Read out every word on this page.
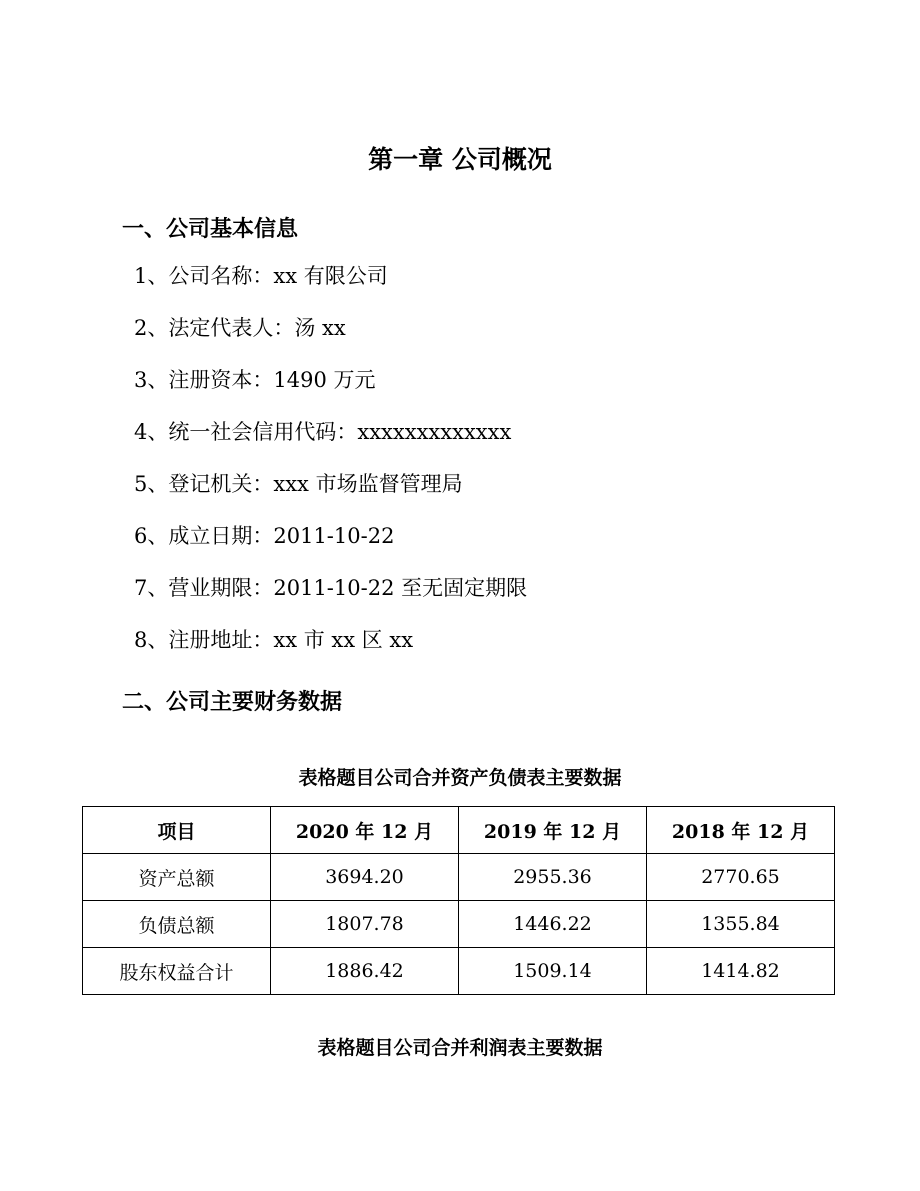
第一章 公司概况
一、公司基本信息
1、公司名称：xx 有限公司
2、法定代表人：汤 xx
3、注册资本：1490 万元
4、统一社会信用代码：xxxxxxxxxxxxx
5、登记机关：xxx 市场监督管理局
6、成立日期：2011-10-22
7、营业期限：2011-10-22 至无固定期限
8、注册地址：xx 市 xx 区 xx
二、公司主要财务数据
表格题目公司合并资产负债表主要数据
项目	2020 年 12 月	2019 年 12 月	2018 年 12 月
资产总额	3694.20	2955.36	2770.65
负债总额	1807.78	1446.22	1355.84
股东权益合计	1886.42	1509.14	1414.82
表格题目公司合并利润表主要数据
